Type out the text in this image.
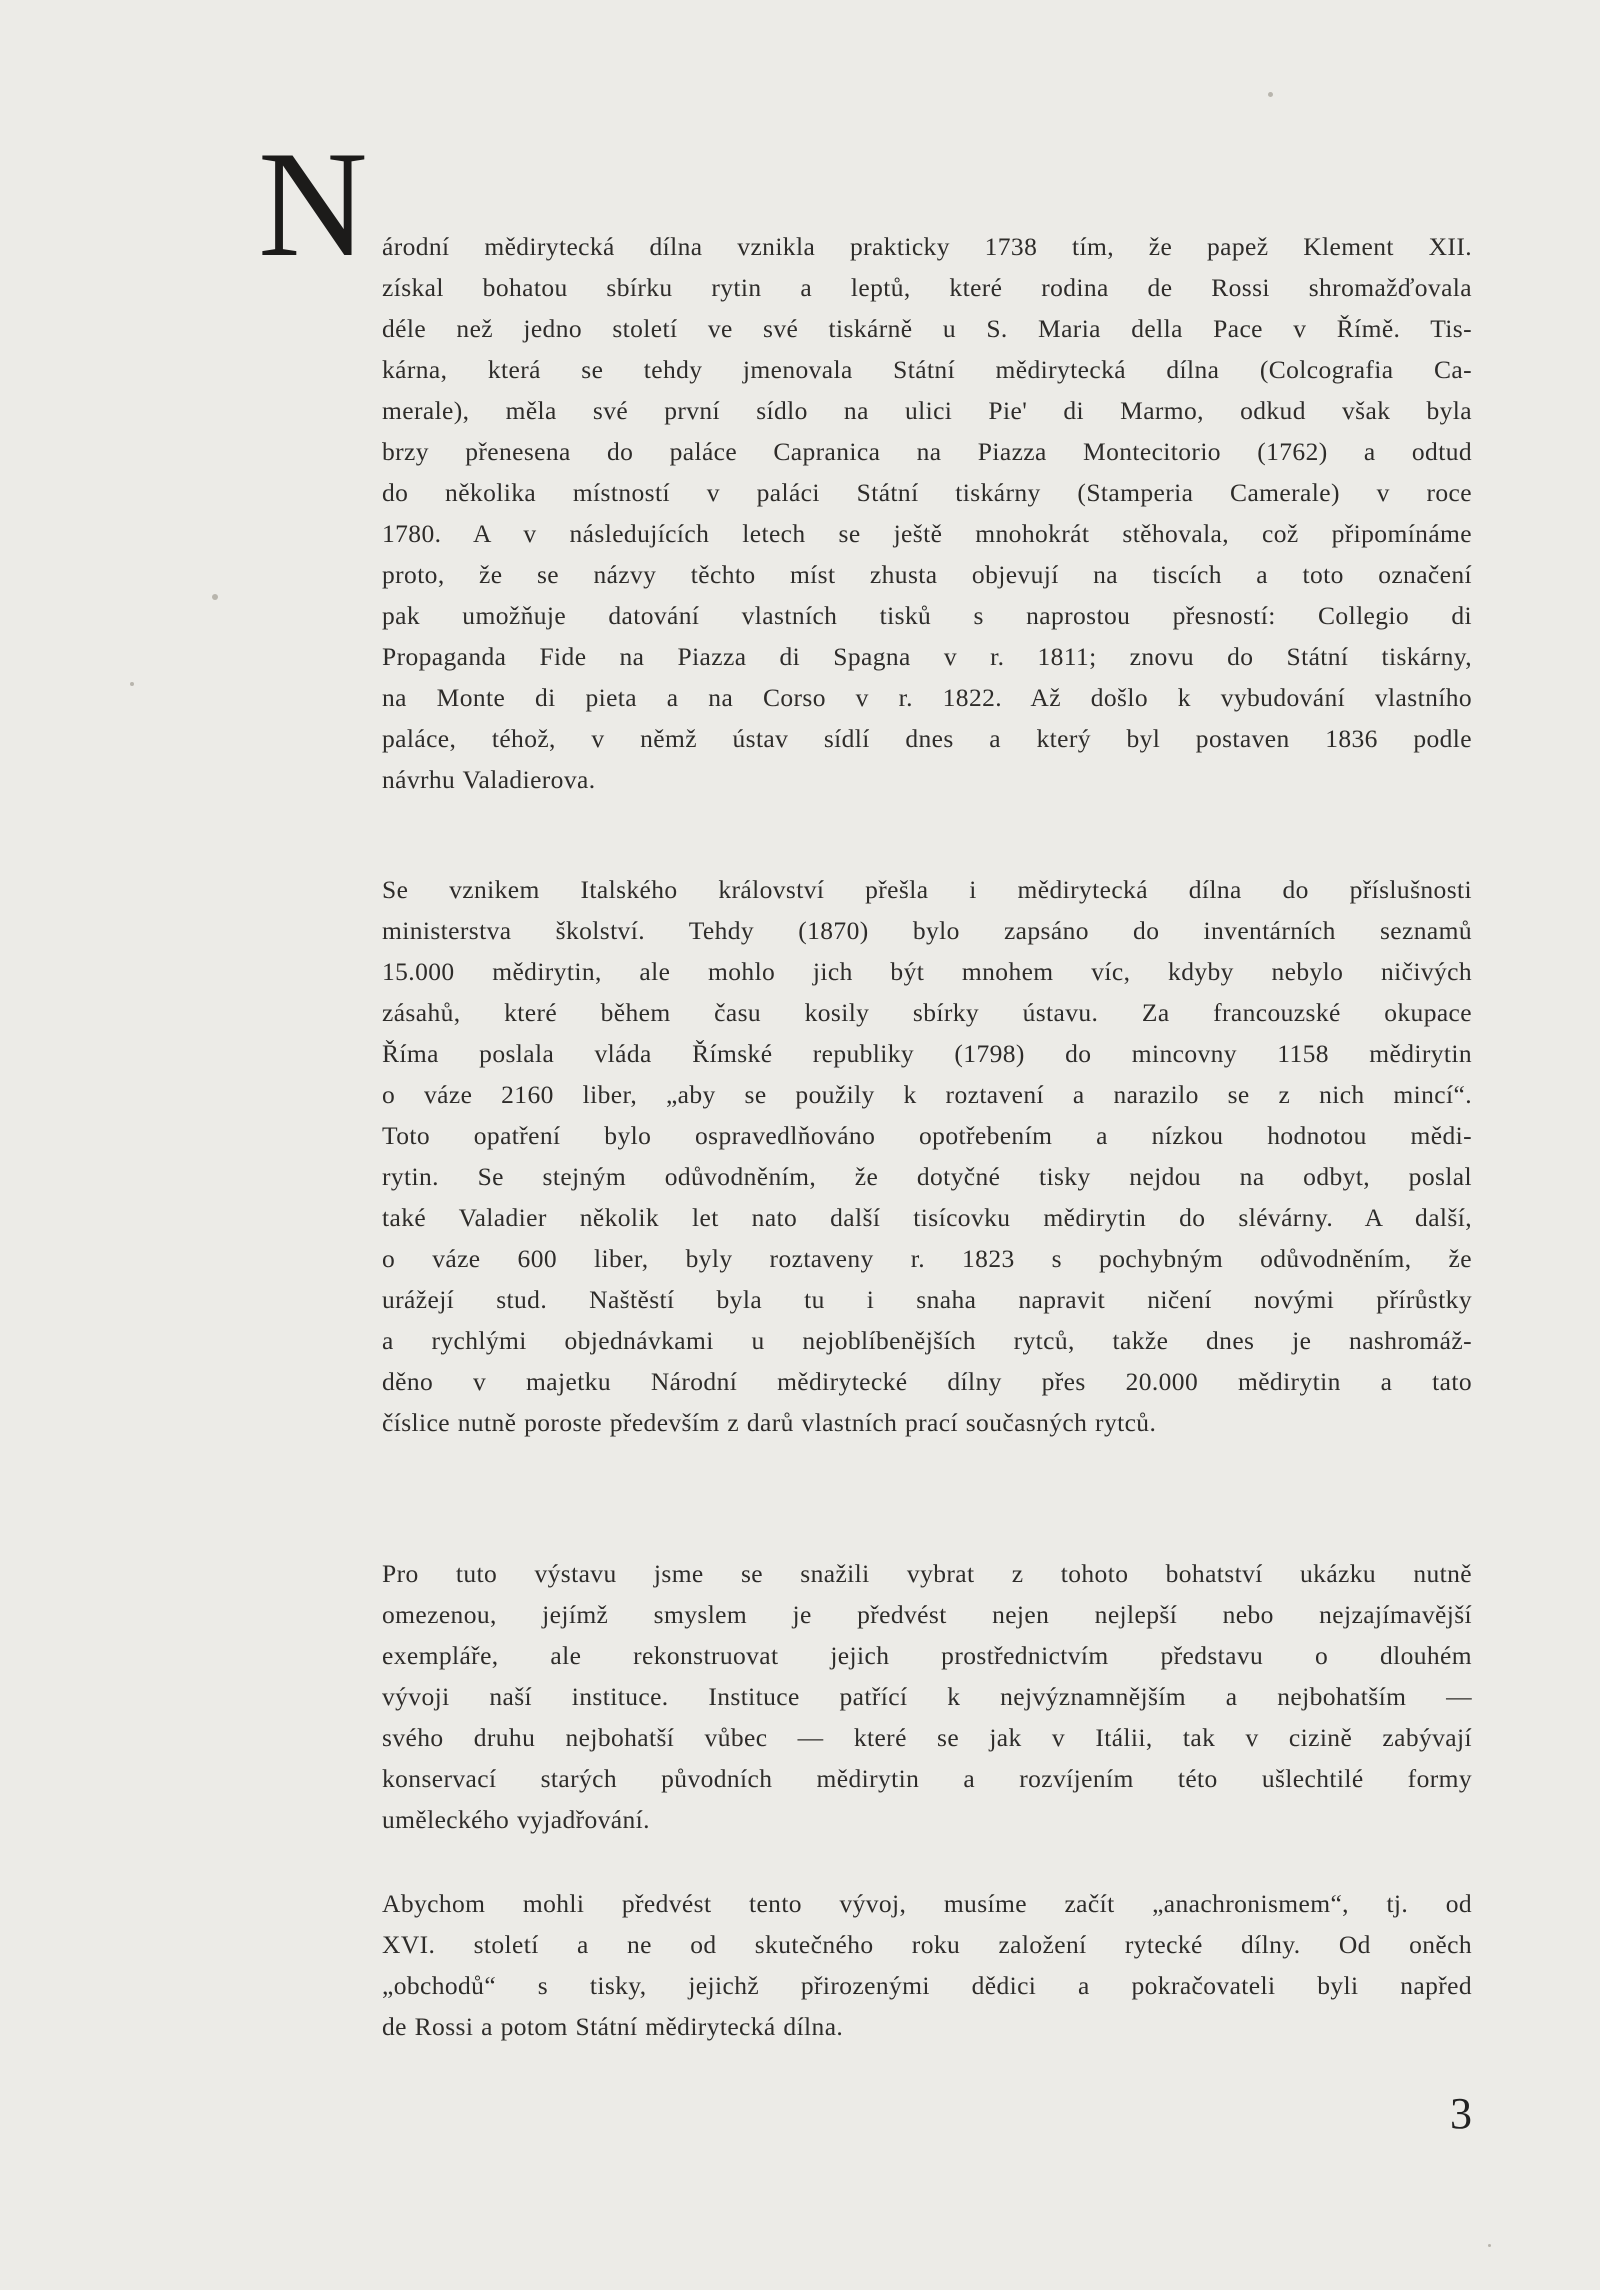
N árodní mědirytecká dílna vznikla prakticky 1738 tím, že papež Klement XII.
získal bohatou sbírku rytin a leptů, které rodina de Rossi shromažďovala
déle než jedno století ve své tiskárně u S. Maria della Pace v Římě. Tis-
kárna, která se tehdy jmenovala Státní mědirytecká dílna (Colcografia Ca-
merale), měla své první sídlo na ulici Pie' di Marmo, odkud však byla
brzy přenesena do paláce Capranica na Piazza Montecitorio (1762) a odtud
do několika místností v paláci Státní tiskárny (Stamperia Camerale) v roce
1780. A v následujících letech se ještě mnohokrát stěhovala, což připomínáme
proto, že se názvy těchto míst zhusta objevují na tiscích a toto označení
pak umožňuje datování vlastních tisků s naprostou přesností: Collegio di
Propaganda Fide na Piazza di Spagna v r. 1811; znovu do Státní tiskárny,
na Monte di pieta a na Corso v r. 1822. Až došlo k vybudování vlastního
paláce, téhož, v němž ústav sídlí dnes a který byl postaven 1836 podle
návrhu Valadierova.
Se vznikem Italského království přešla i mědirytecká dílna do příslušnosti
ministerstva školství. Tehdy (1870) bylo zapsáno do inventárních seznamů
15.000 mědirytin, ale mohlo jich být mnohem víc, kdyby nebylo ničivých
zásahů, které během času kosily sbírky ústavu. Za francouzské okupace
Říma poslala vláda Římské republiky (1798) do mincovny 1158 mědirytin
o váze 2160 liber, „aby se použily k roztavení a narazilo se z nich mincí“.
Toto opatření bylo ospravedlňováno opotřebením a nízkou hodnotou mědi-
rytin. Se stejným odůvodněním, že dotyčné tisky nejdou na odbyt, poslal
také Valadier několik let nato další tisícovku mědirytin do slévárny. A další,
o váze 600 liber, byly roztaveny r. 1823 s pochybným odůvodněním, že
urážejí stud. Naštěstí byla tu i snaha napravit ničení novými přírůstky
a rychlými objednávkami u nejoblíbenějších rytců, takže dnes je nashromáž-
děno v majetku Národní mědirytecké dílny přes 20.000 mědirytin a tato
číslice nutně poroste především z darů vlastních prací současných rytců.
Pro tuto výstavu jsme se snažili vybrat z tohoto bohatství ukázku nutně
omezenou, jejímž smyslem je předvést nejen nejlepší nebo nejzajímavější
exempláře, ale rekonstruovat jejich prostřednictvím představu o dlouhém
vývoji naší instituce. Instituce patřící k nejvýznamnějším a nejbohatším —
svého druhu nejbohatší vůbec — které se jak v Itálii, tak v cizině zabývají
konservací starých původních mědirytin a rozvíjením této ušlechtilé formy
uměleckého vyjadřování.
Abychom mohli předvést tento vývoj, musíme začít „anachronismem“, tj. od
XVI. století a ne od skutečného roku založení rytecké dílny. Od oněch
„obchodů“ s tisky, jejichž přirozenými dědici a pokračovateli byli napřed
de Rossi a potom Státní mědirytecká dílna.
3
